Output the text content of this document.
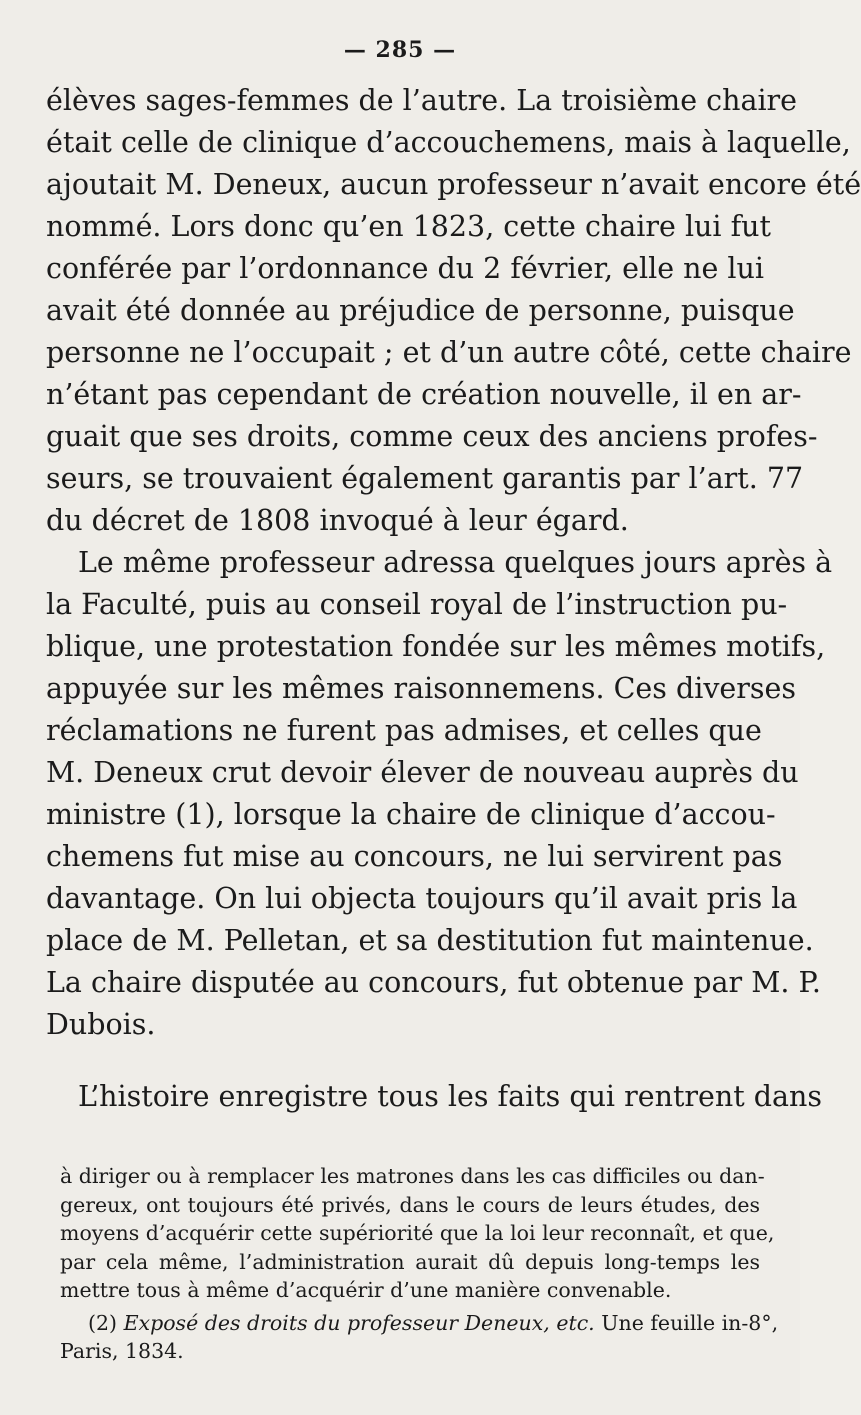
— 285 —
élèves sages-femmes de l’autre. La troisième chaire
était celle de clinique d’accouchemens, mais à laquelle,
ajoutait M. Deneux, aucun professeur n’avait encore été
nommé. Lors donc qu’en 1823, cette chaire lui fut
conférée par l’ordonnance du 2 février, elle ne lui
avait été donnée au préjudice de personne, puisque
personne ne l’occupait ; et d’un autre côté, cette chaire
n’étant pas cependant de création nouvelle, il en ar-
guait que ses droits, comme ceux des anciens profes-
seurs, se trouvaient également garantis par l’art. 77
du décret de 1808 invoqué à leur égard.
Le même professeur adressa quelques jours après à
la Faculté, puis au conseil royal de l’instruction pu-
blique, une protestation fondée sur les mêmes motifs,
appuyée sur les mêmes raisonnemens. Ces diverses
réclamations ne furent pas admises, et celles que
M. Deneux crut devoir élever de nouveau auprès du
ministre (1), lorsque la chaire de clinique d’accou-
chemens fut mise au concours, ne lui servirent pas
davantage. On lui objecta toujours qu’il avait pris la
place de M. Pelletan, et sa destitution fut maintenue.
La chaire disputée au concours, fut obtenue par M. P.
Dubois.
L’histoire enregistre tous les faits qui rentrent dans
à diriger ou à remplacer les matrones dans les cas difficiles ou dan-
gereux, ont toujours été privés, dans le cours de leurs études, des
moyens d’acquérir cette supériorité que la loi leur reconnaît, et que,
par cela même, l’administration aurait dû depuis long-temps les
mettre tous à même d’acquérir d’une manière convenable.
(2) Exposé des droits du professeur Deneux, etc. Une feuille in-8°,
Paris, 1834.
